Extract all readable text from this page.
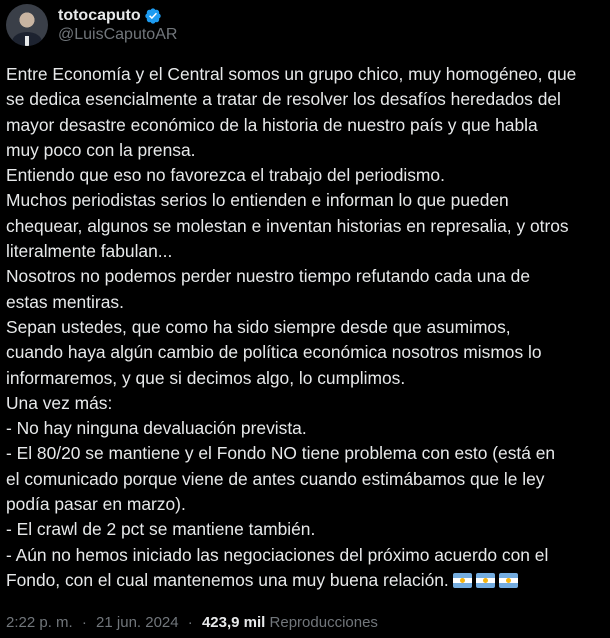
totocaputo
@LuisCaputoAR
Entre Economía y el Central somos un grupo chico, muy homogéneo, que
se dedica esencialmente a tratar de resolver los desafíos heredados del
mayor desastre económico de la historia de nuestro país y que habla
muy poco con la prensa.
Entiendo que eso no favorezca el trabajo del periodismo.
Muchos periodistas serios lo entienden e informan lo que pueden
chequear, algunos se molestan e inventan historias en represalia, y otros
literalmente fabulan...
Nosotros no podemos perder nuestro tiempo refutando cada una de
estas mentiras.
Sepan ustedes, que como ha sido siempre desde que asumimos,
cuando haya algún cambio de política económica nosotros mismos lo
informaremos, y que si decimos algo, lo cumplimos.
Una vez más:
- No hay ninguna devaluación prevista.
- El 80/20 se mantiene y el Fondo NO tiene problema con esto (está en
el comunicado porque viene de antes cuando estimábamos que le ley
podía pasar en marzo).
- El crawl de 2 pct se mantiene también.
- Aún no hemos iniciado las negociaciones del próximo acuerdo con el
Fondo, con el cual mantenemos una muy buena relación.
2:22 p. m. · 21 jun. 2024 · 423,9 mil Reproducciones
